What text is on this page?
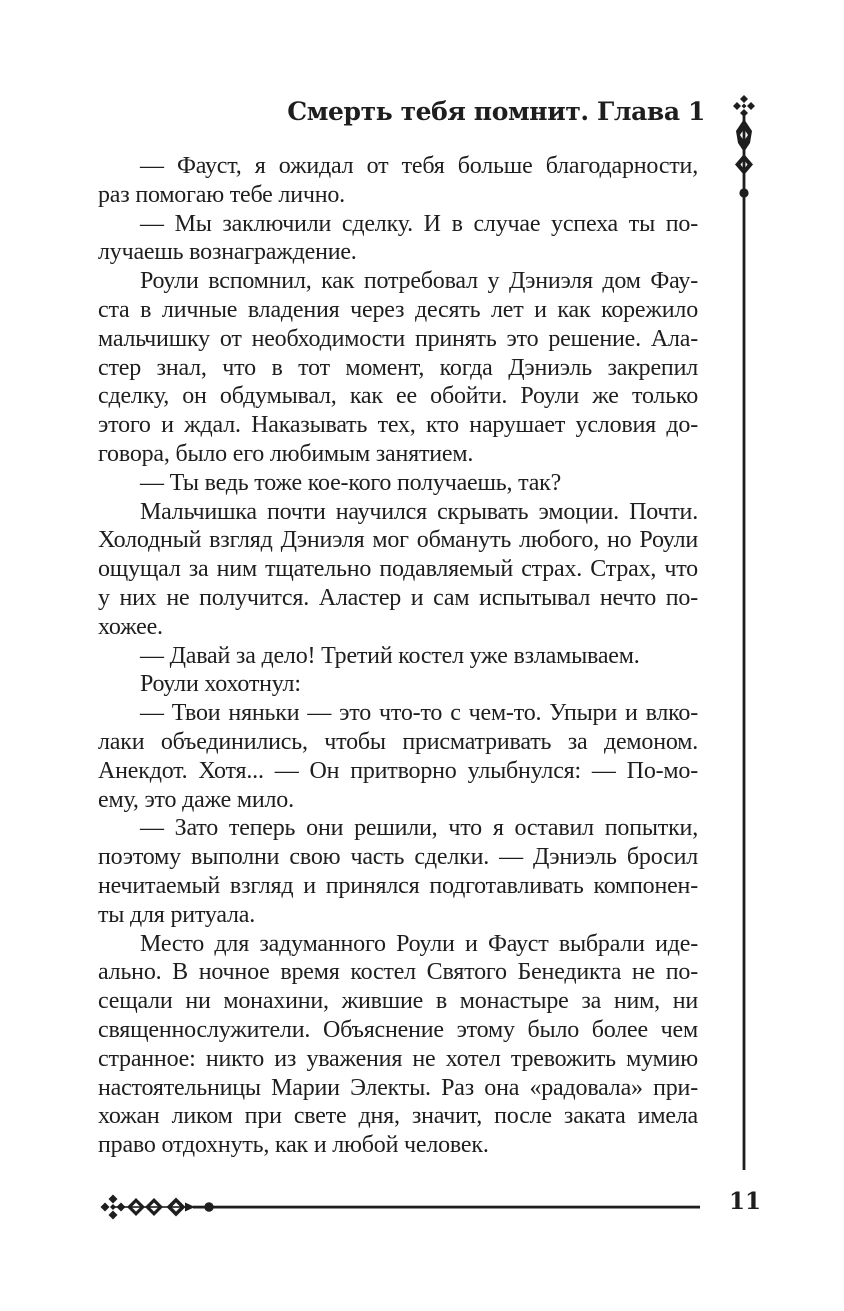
Смерть тебя помнит. Глава 1
— Фауст, я ожидал от тебя больше благодарности,
раз помогаю тебе лично.
— Мы заключили сделку. И в случае успеха ты по-
лучаешь вознаграждение.
Роули вспомнил, как потребовал у Дэниэля дом Фау-
ста в личные владения через десять лет и как корежило
мальчишку от необходимости принять это решение. Ала-
стер знал, что в тот момент, когда Дэниэль закрепил
сделку, он обдумывал, как ее обойти. Роули же только
этого и ждал. Наказывать тех, кто нарушает условия до-
говора, было его любимым занятием.
— Ты ведь тоже кое-кого получаешь, так?
Мальчишка почти научился скрывать эмоции. Почти.
Холодный взгляд Дэниэля мог обмануть любого, но Роули
ощущал за ним тщательно подавляемый страх. Страх, что
у них не получится. Аластер и сам испытывал нечто по-
хожее.
— Давай за дело! Третий костел уже взламываем.
Роули хохотнул:
— Твои няньки — это что-то с чем-то. Упыри и влко-
лаки объединились, чтобы присматривать за демоном.
Анекдот. Хотя... — Он притворно улыбнулся: — По-мо-
ему, это даже мило.
— Зато теперь они решили, что я оставил попытки,
поэтому выполни свою часть сделки. — Дэниэль бросил
нечитаемый взгляд и принялся подготавливать компонен-
ты для ритуала.
Место для задуманного Роули и Фауст выбрали иде-
ально. В ночное время костел Святого Бенедикта не по-
сещали ни монахини, жившие в монастыре за ним, ни
священнослужители. Объяснение этому было более чем
странное: никто из уважения не хотел тревожить мумию
настоятельницы Марии Электы. Раз она «радовала» при-
хожан ликом при свете дня, значит, после заката имела
право отдохнуть, как и любой человек.
11
